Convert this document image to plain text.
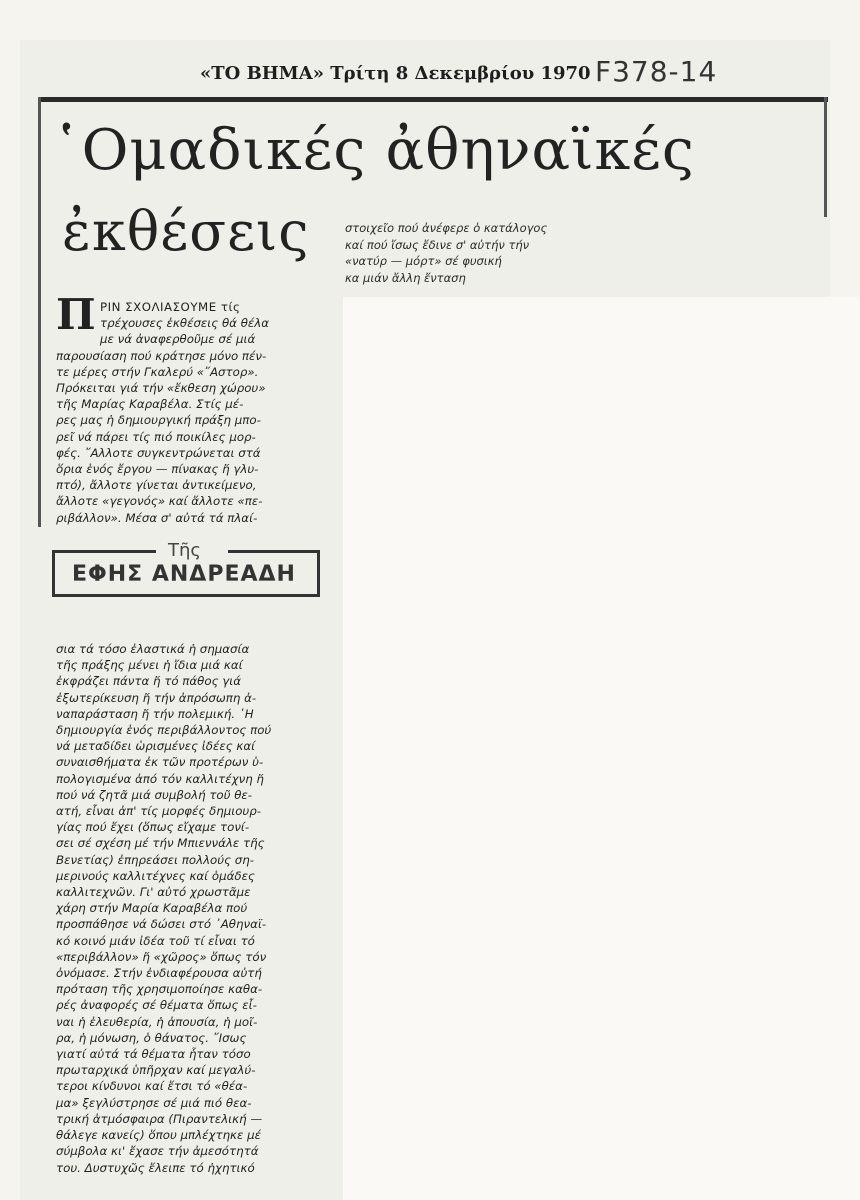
«ΤΟ ΒΗΜΑ» Τρίτη 8 Δεκεμβρίου 1970 F378-14
῾Ομαδικές ἀθηναϊκές
ἐκθέσεις	στοιχεῖο πού ἀνέφερε ὁ κατάλογος
καί πού ἴσως ἔδινε σ' αὐτήν τήν
«νατύρ — μόρτ» σέ φυσική
κα μιάν ἄλλη ἔνταση
Π ΡΙΝ ΣΧΟΛΙΑΣΟΥΜΕ τίς
τρέχουσες ἐκθέσεις θά θέλα
με νά ἀναφερθοῦμε σέ μιά
παρουσίαση πού κράτησε μόνο πέν-
τε μέρες στήν Γκαλερύ «῎Αστορ».
Πρόκειται γιά τήν «ἔκθεση χώρου»
τῆς Μαρίας Καραβέλα. Στίς μέ-
ρες μας ἡ δημιουργική πράξη μπο-
ρεῖ νά πάρει τίς πιό ποικίλες μορ-
φές. ῎Αλλοτε συγκεντρώνεται στά
ὅρια ἑνός ἔργου — πίνακας ἤ γλυ-
πτό), ἄλλοτε γίνεται ἀντικείμενο,
ἄλλοτε «γεγονός» καί ἄλλοτε «πε-
ριβάλλον». Μέσα σ' αὐτά τά πλαί-
Τῆς
ΕΦΗΣ ΑΝΔΡΕΑΔΗ
σια τά τόσο ἐλαστικά ἡ σημασία
τῆς πράξης μένει ἡ ἴδια μιά καί
ἐκφράζει πάντα ἤ τό πάθος γιά
ἐξωτερίκευση ἤ τήν ἀπρόσωπη ἀ-
ναπαράσταση ἤ τήν πολεμική. ῾Η
δημιουργία ἑνός περιβάλλοντος πού
νά μεταδίδει ὡρισμένες ἰδέες καί
συναισθήματα ἐκ τῶν προτέρων ὑ-
πολογισμένα ἀπό τόν καλλιτέχνη ἤ
πού νά ζητᾶ μιά συμβολή τοῦ θε-
ατή, εἶναι ἀπ' τίς μορφές δημιουρ-
γίας πού ἔχει (ὅπως εἴχαμε τονί-
σει σέ σχέση μέ τήν Μπιεννάλε τῆς
Βενετίας) ἐπηρεάσει πολλούς ση-
μερινούς καλλιτέχνες καί ὁμάδες
καλλιτεχνῶν. Γι' αὐτό χρωστᾶμε
χάρη στήν Μαρία Καραβέλα πού
προσπάθησε νά δώσει στό ᾿Αθηναϊ-
κό κοινό μιάν ἰδέα τοῦ τί εἶναι τό
«περιβάλλον» ἤ «χῶρος» ὅπως τόν
ὀνόμασε. Στήν ἐνδιαφέρουσα αὐτή
πρόταση τῆς χρησιμοποίησε καθα-
ρές ἀναφορές σέ θέματα ὅπως εἶ-
ναι ἡ ἐλευθερία, ἡ ἀπουσία, ἡ μοῖ-
ρα, ἡ μόνωση, ὁ θάνατος. ῎Ισως
γιατί αὐτά τά θέματα ἦταν τόσο
πρωταρχικά ὑπῆρχαν καί μεγαλύ-
τεροι κίνδυνοι καί ἔτσι τό «θέα-
μα» ξεγλύστρησε σέ μιά πιό θεα-
τρική ἀτμόσφαιρα (Πιραντελική —
θάλεγε κανείς) ὅπου μπλέχτηκε μέ
σύμβολα κι' ἔχασε τήν ἀμεσότητά
του. Δυστυχῶς ἔλειπε τό ἠχητικό
